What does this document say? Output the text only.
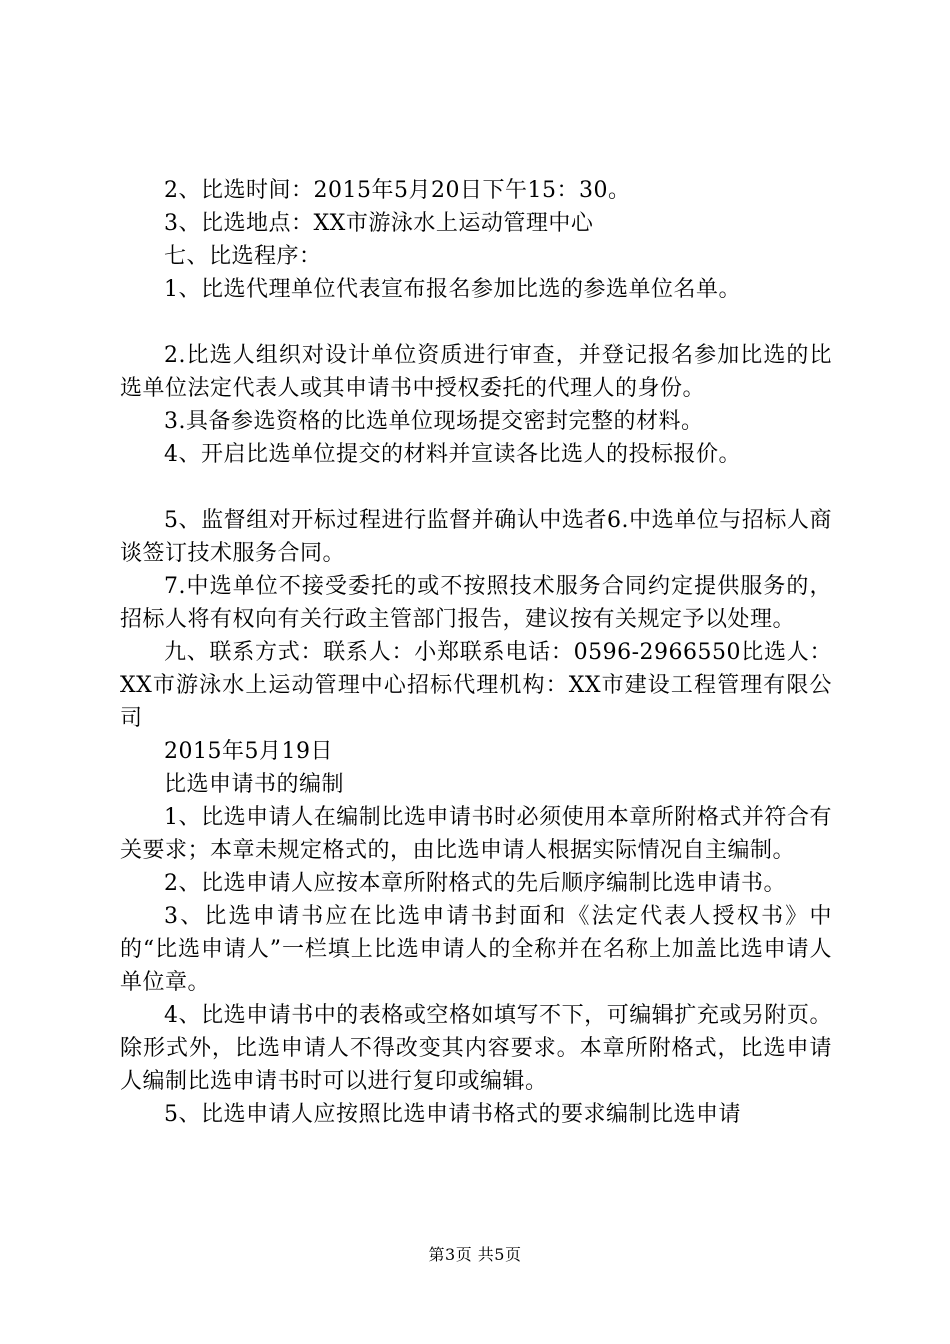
2、比选时间：2015年5月20日下午15：30。

3、比选地点：XX市游泳水上运动管理中心

七、比选程序：

1、比选代理单位代表宣布报名参加比选的参选单位名单。

2.比选人组织对设计单位资质进行审查，并登记报名参加比选的比选单位法定代表人或其申请书中授权委托的代理人的身份。

3.具备参选资格的比选单位现场提交密封完整的材料。

4、开启比选单位提交的材料并宣读各比选人的投标报价。

5、监督组对开标过程进行监督并确认中选者6.中选单位与招标人商谈签订技术服务合同。

7.中选单位不接受委托的或不按照技术服务合同约定提供服务的，招标人将有权向有关行政主管部门报告，建议按有关规定予以处理。

九、联系方式：联系人：小郑联系电话：0596-2966550比选人：XX市游泳水上运动管理中心招标代理机构：XX市建设工程管理有限公司

2015年5月19日

比选申请书的编制

1、比选申请人在编制比选申请书时必须使用本章所附格式并符合有关要求；本章未规定格式的，由比选申请人根据实际情况自主编制。

2、比选申请人应按本章所附格式的先后顺序编制比选申请书。

3、比选申请书应在比选申请书封面和《法定代表人授权书》中的“比选申请人”一栏填上比选申请人的全称并在名称上加盖比选申请人单位章。

4、比选申请书中的表格或空格如填写不下，可编辑扩充或另附页。除形式外，比选申请人不得改变其内容要求。本章所附格式，比选申请人编制比选申请书时可以进行复印或编辑。

5、比选申请人应按照比选申请书格式的要求编制比选申请

第3页 共5页
